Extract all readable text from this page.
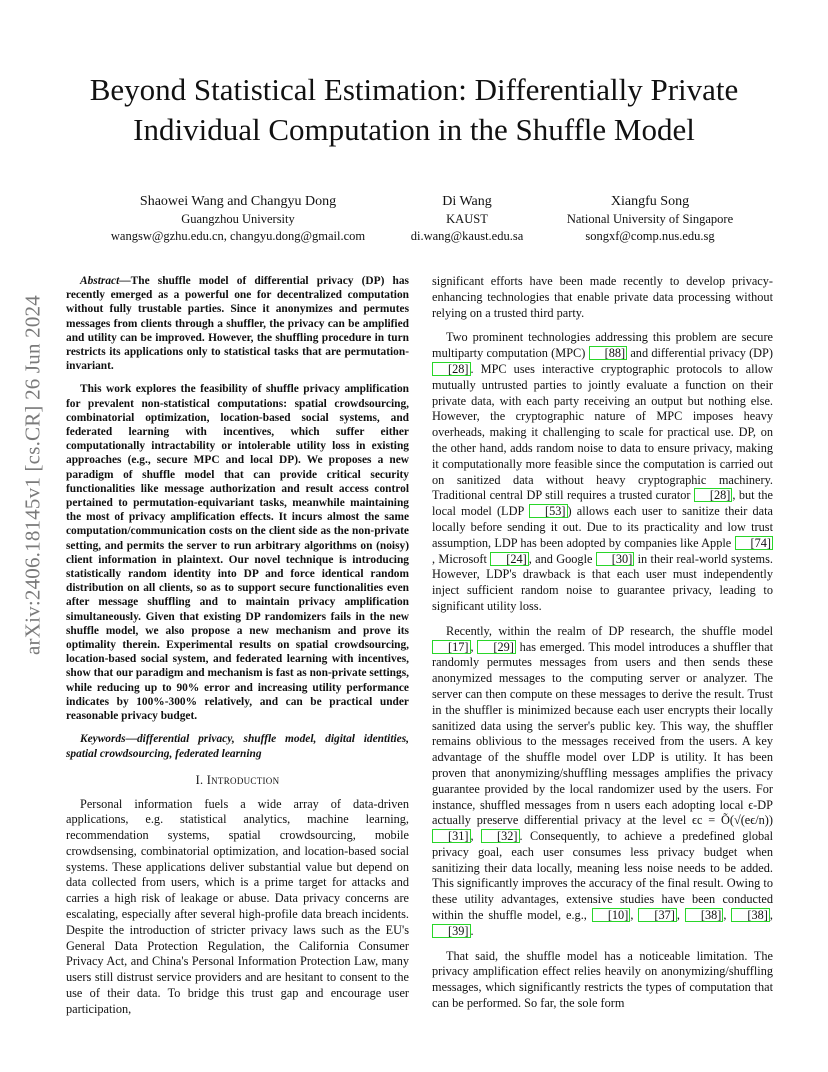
arXiv:2406.18145v1 [cs.CR] 26 Jun 2024
Beyond Statistical Estimation: Differentially Private
Individual Computation in the Shuffle Model
Shaowei Wang and Changyu Dong
Guangzhou University
wangsw@gzhu.edu.cn, changyu.dong@gmail.com
Di Wang
KAUST
di.wang@kaust.edu.sa
Xiangfu Song
National University of Singapore
songxf@comp.nus.edu.sg

Abstract—The shuffle model of differential privacy (DP) has recently emerged as a powerful one for decentralized computation without fully trustable parties. Since it anonymizes and permutes messages from clients through a shuffler, the privacy can be amplified and utility can be improved. However, the shuffling procedure in turn restricts its applications only to statistical tasks that are permutation-invariant.

This work explores the feasibility of shuffle privacy amplification for prevalent non-statistical computations: spatial crowdsourcing, combinatorial optimization, location-based social systems, and federated learning with incentives, which suffer either computationally intractability or intolerable utility loss in existing approaches (e.g., secure MPC and local DP). We proposes a new paradigm of shuffle model that can provide critical security functionalities like message authorization and result access control pertained to permutation-equivariant tasks, meanwhile maintaining the most of privacy amplification effects. It incurs almost the same computation/communication costs on the client side as the non-private setting, and permits the server to run arbitrary algorithms on (noisy) client information in plaintext. Our novel technique is introducing statistically random identity into DP and force identical random distribution on all clients, so as to support secure functionalities even after message shuffling and to maintain privacy amplification simultaneously. Given that existing DP randomizers fails in the new shuffle model, we also propose a new mechanism and prove its optimality therein. Experimental results on spatial crowdsourcing, location-based social system, and federated learning with incentives, show that our paradigm and mechanism is fast as non-private settings, while reducing up to 90% error and increasing utility performance indicates by 100%-300% relatively, and can be practical under reasonable privacy budget.

Keywords—differential privacy, shuffle model, digital identities, spatial crowdsourcing, federated learning

I. Introduction

Personal information fuels a wide array of data-driven applications, e.g. statistical analytics, machine learning, recommendation systems, spatial crowdsourcing, mobile crowdsensing, combinatorial optimization, and location-based social systems. These applications deliver substantial value but depend on data collected from users, which is a prime target for attacks and carries a high risk of leakage or abuse. Data privacy concerns are escalating, especially after several high-profile data breach incidents. Despite the introduction of stricter privacy laws such as the EU's General Data Protection Regulation, the California Consumer Privacy Act, and China's Personal Information Protection Law, many users still distrust service providers and are hesitant to consent to the use of their data. To bridge this trust gap and encourage user participation,

significant efforts have been made recently to develop privacy-enhancing technologies that enable private data processing without relying on a trusted third party.

Two prominent technologies addressing this problem are secure multiparty computation (MPC) [88] and differential privacy (DP) [28] . MPC uses interactive cryptographic protocols to allow mutually untrusted parties to jointly evaluate a function on their private data, with each party receiving an output but nothing else. However, the cryptographic nature of MPC imposes heavy overheads, making it challenging to scale for practical use. DP, on the other hand, adds random noise to data to ensure privacy, making it computationally more feasible since the computation is carried out on sanitized data without heavy cryptographic machinery. Traditional central DP still requires a trusted curator [28] , but the local model (LDP [53] ) allows each user to sanitize their data locally before sending it out. Due to its practicality and low trust assumption, LDP has been adopted by companies like Apple [74], Microsoft [24] , and Google [30] in their real-world systems. However, LDP's drawback is that each user must independently inject sufficient random noise to guarantee privacy, leading to significant utility loss.

Recently, within the realm of DP research, the shuffle model [17] , [29] has emerged. This model introduces a shuffler that randomly permutes messages from users and then sends these anonymized messages to the computing server or analyzer. The server can then compute on these messages to derive the result. Trust in the shuffler is minimized because each user encrypts their locally sanitized data using the server's public key. This way, the shuffler remains oblivious to the messages received from the users. A key advantage of the shuffle model over LDP is utility. It has been proven that anonymizing/shuffling messages amplifies the privacy guarantee provided by the local randomizer used by the users. For instance, shuffled messages from n users each adopting local ϵ-DP actually preserve differential privacy at the level ϵc = Õ(√(eϵ/n)) [31] , [32] . Consequently, to achieve a predefined global privacy goal, each user consumes less privacy budget when sanitizing their data locally, meaning less noise needs to be added. This significantly improves the accuracy of the final result. Owing to these utility advantages, extensive studies have been conducted within the shuffle model, e.g., [10] , [37] , [38] , [38] , [39] .

That said, the shuffle model has a noticeable limitation. The privacy amplification effect relies heavily on anonymizing/shuffling messages, which significantly restricts the types of computation that can be performed. So far, the sole form
